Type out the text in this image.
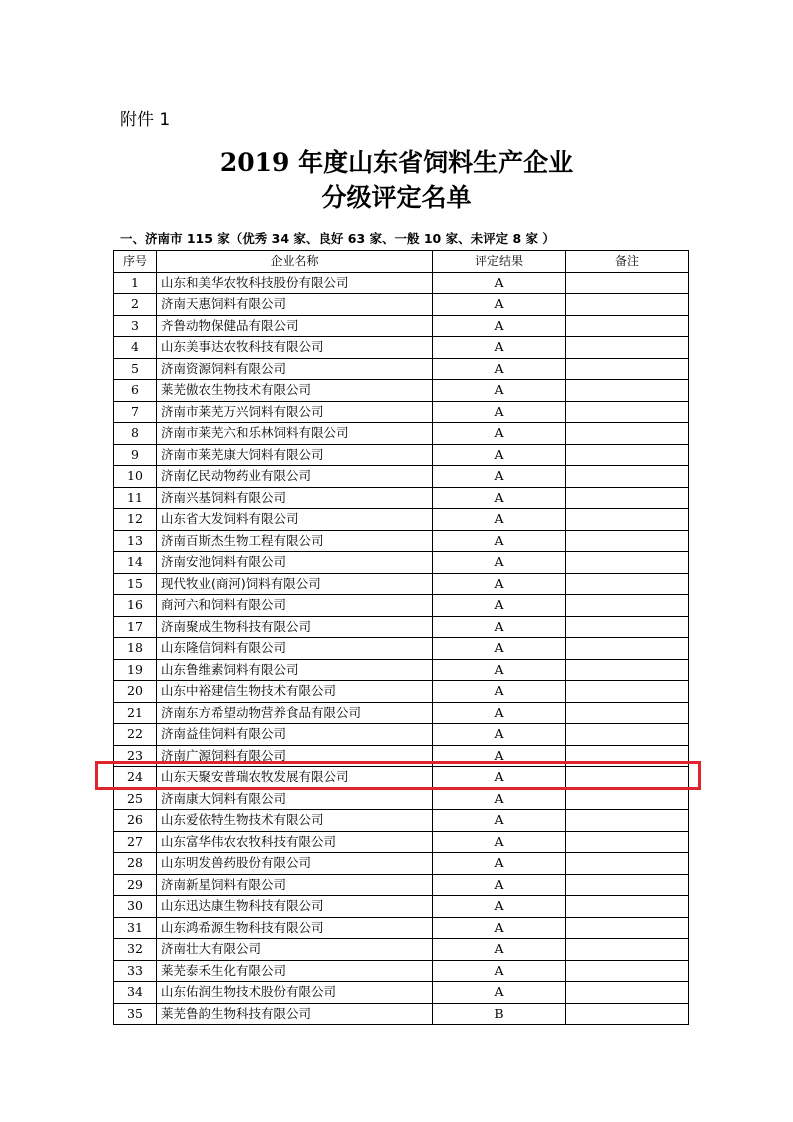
附件 1
2019 年度山东省饲料生产企业
分级评定名单
一、济南市 115 家（优秀 34 家、良好 63 家、一般 10 家、未评定 8 家 ）
序号	企业名称	评定结果	备注
1	山东和美华农牧科技股份有限公司	A	
2	济南天惠饲料有限公司	A	
3	齐鲁动物保健品有限公司	A	
4	山东美事达农牧科技有限公司	A	
5	济南资源饲料有限公司	A	
6	莱芜傲农生物技术有限公司	A	
7	济南市莱芜万兴饲料有限公司	A	
8	济南市莱芜六和乐林饲料有限公司	A	
9	济南市莱芜康大饲料有限公司	A	
10	济南亿民动物药业有限公司	A	
11	济南兴基饲料有限公司	A	
12	山东省大发饲料有限公司	A	
13	济南百斯杰生物工程有限公司	A	
14	济南安池饲料有限公司	A	
15	现代牧业(商河)饲料有限公司	A	
16	商河六和饲料有限公司	A	
17	济南聚成生物科技有限公司	A	
18	山东隆信饲料有限公司	A	
19	山东鲁维素饲料有限公司	A	
20	山东中裕建信生物技术有限公司	A	
21	济南东方希望动物营养食品有限公司	A	
22	济南益佳饲料有限公司	A	
23	济南广源饲料有限公司	A	
24	山东天聚安普瑞农牧发展有限公司	A	
25	济南康大饲料有限公司	A	
26	山东爱依特生物技术有限公司	A	
27	山东富华伟农农牧科技有限公司	A	
28	山东明发兽药股份有限公司	A	
29	济南新星饲料有限公司	A	
30	山东迅达康生物科技有限公司	A	
31	山东鸿希源生物科技有限公司	A	
32	济南壮大有限公司	A	
33	莱芜泰禾生化有限公司	A	
34	山东佑润生物技术股份有限公司	A	
35	莱芜鲁韵生物科技有限公司	B	
